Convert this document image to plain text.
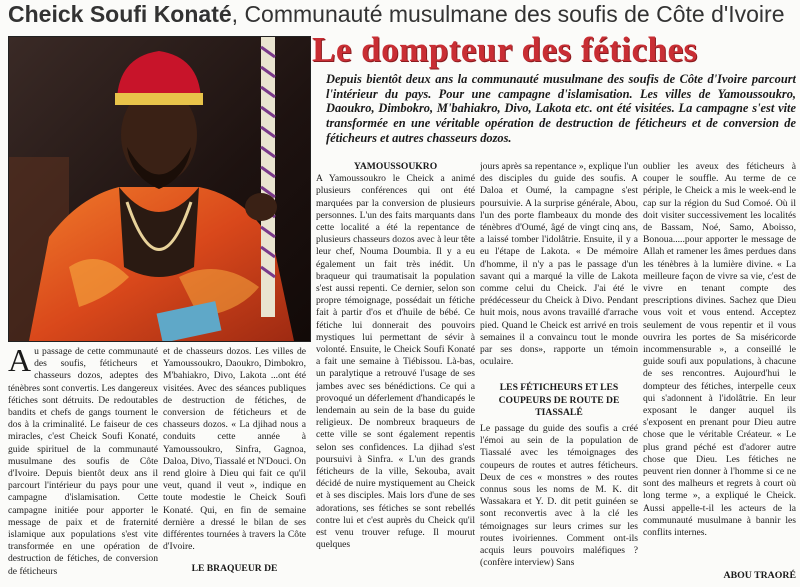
Cheick Soufi Konaté, Communauté musulmane des soufis de Côte d'Ivoire
Le dompteur des fétiches
Depuis bientôt deux ans la communauté musulmane des soufis de Côte d'Ivoire parcourt l'intérieur du pays. Pour une campagne d'islamisation. Les villes de Yamoussoukro, Daoukro, Dimbokro, M'bahiakro, Divo, Lakota etc. ont été visitées. La campagne s'est vite transformée en une véritable opération de destruction de féticheurs et de conversion de féticheurs et autres chasseurs dozos.

Au passage de cette communauté des soufis, féticheurs et chasseurs dozos, adeptes des ténèbres sont convertis. Les dangereux fétiches sont détruits. De redoutables bandits et chefs de gangs tournent le dos à la criminalité. Le faiseur de ces miracles, c'est Cheick Soufi Konaté, guide spirituel de la communauté musulmane des soufis de Côte d'Ivoire. Depuis bientôt deux ans il parcourt l'intérieur du pays pour une campagne d'islamisation. Cette campagne initiée pour apporter le message de paix et de fraternité islamique aux populations s'est vite transformée en une opération de destruction de fétiches, de conversion de féticheurs

et de chasseurs dozos. Les villes de Yamoussoukro, Daoukro, Dimbokro, M'bahiakro, Divo, Lakota ...ont été visitées. Avec des séances publiques de destruction de fétiches, de conversion de féticheurs et de chasseurs dozos. « La djihad nous a conduits cette année à Yamoussoukro, Sinfra, Gagnoa, Daloa, Divo, Tiassalé et N'Douci. On rend gloire à Dieu qui fait ce qu'il veut, quand il veut », indique en toute modestie le Cheick Soufi Konaté. Qui, en fin de semaine dernière a dressé le bilan de ses différentes tournées à travers la Côte d'Ivoire.

LE BRAQUEUR DE
YAMOUSSOUKRO

A Yamoussoukro le Cheick a animé plusieurs conférences qui ont été marquées par la conversion de plusieurs personnes. L'un des faits marquants dans cette localité a été la repentance de plusieurs chasseurs dozos avec à leur tête leur chef, Nouma Doumbia. Il y a eu également un fait très inédit. Un braqueur qui traumatisait la population s'est aussi repenti. Ce dernier, selon son propre témoignage, possédait un fétiche fait à partir d'os et d'huile de bébé. Ce fétiche lui donnerait des pouvoirs mystiques lui permettant de sévir à volonté. Ensuite, le Cheick Soufi Konaté a fait une semaine à Tiébissou. Là-bas, un paralytique a retrouvé l'usage de ses jambes avec ses bénédictions. Ce qui a provoqué un déferlement d'handicapés le lendemain au sein de la base du guide religieux. De nombreux braqueurs de cette ville se sont également repentis selon ses confidences. La djihad s'est poursuivi à Sinfra. « L'un des grands féticheurs de la ville, Sekouba, avait décidé de nuire mystiquement au Cheick et à ses disciples. Mais lors d'une de ses adorations, ses fétiches se sont rebellés contre lui et c'est auprès du Cheick qu'il est venu trouver refuge. Il mourut quelques

jours après sa repentance », explique l'un des disciples du guide des soufis. A Daloa et Oumé, la campagne s'est poursuivie. A la surprise générale, Abou, l'un des porte flambeaux du monde des ténèbres d'Oumé, âgé de vingt cinq ans, a laissé tomber l'idolâtrie. Ensuite, il y a eu l'étape de Lakota. « De mémoire d'homme, il n'y a pas le passage d'un savant qui a marqué la ville de Lakota comme celui du Cheick. J'ai été le prédécesseur du Cheick à Divo. Pendant huit mois, nous avons travaillé d'arrache pied. Quand le Cheick est arrivé en trois semaines il a convaincu tout le monde par ses dons», rapporte un témoin oculaire.

LES FÉTICHEURS ET LES COUPEURS DE ROUTE DE TIASSALÉ

Le passage du guide des soufis a créé l'émoi au sein de la population de Tiassalé avec les témoignages des coupeurs de routes et autres féticheurs. Deux de ces « monstres » des routes connus sous les noms de M. K. dit Wassakara et Y. D. dit petit guinéen se sont reconvertis avec à la clé les témoignages sur leurs crimes sur les routes ivoiriennes. Comment ont-ils acquis leurs pouvoirs maléfiques ? (confère interview) Sans

oublier les aveux des féticheurs à couper le souffle. Au terme de ce périple, le Cheick a mis le week-end le cap sur la région du Sud Comoé. Où il doit visiter successivement les localités de Bassam, Noé, Samo, Aboisso, Bonoua.....pour apporter le message de Allah et ramener les âmes perdues dans les ténèbres à la lumière divine. « La meilleure façon de vivre sa vie, c'est de vivre en tenant compte des prescriptions divines. Sachez que Dieu vous voit et vous entend. Acceptez seulement de vous repentir et il vous ouvrira les portes de Sa miséricorde incommensurable », a conseillé le guide soufi aux populations, à chacune de ses rencontres. Aujourd'hui le dompteur des fétiches, interpelle ceux qui s'adonnent à l'idolâtrie. En leur exposant le danger auquel ils s'exposent en prenant pour Dieu autre chose que le véritable Créateur. « Le plus grand péché est d'adorer autre chose que Dieu. Les fétiches ne peuvent rien donner à l'homme si ce ne sont des malheurs et regrets à court où long terme », a expliqué le Cheick. Aussi appelle-t-il les acteurs de la communauté musulmane à bannir les conflits internes.

ABOU TRAORÉ
